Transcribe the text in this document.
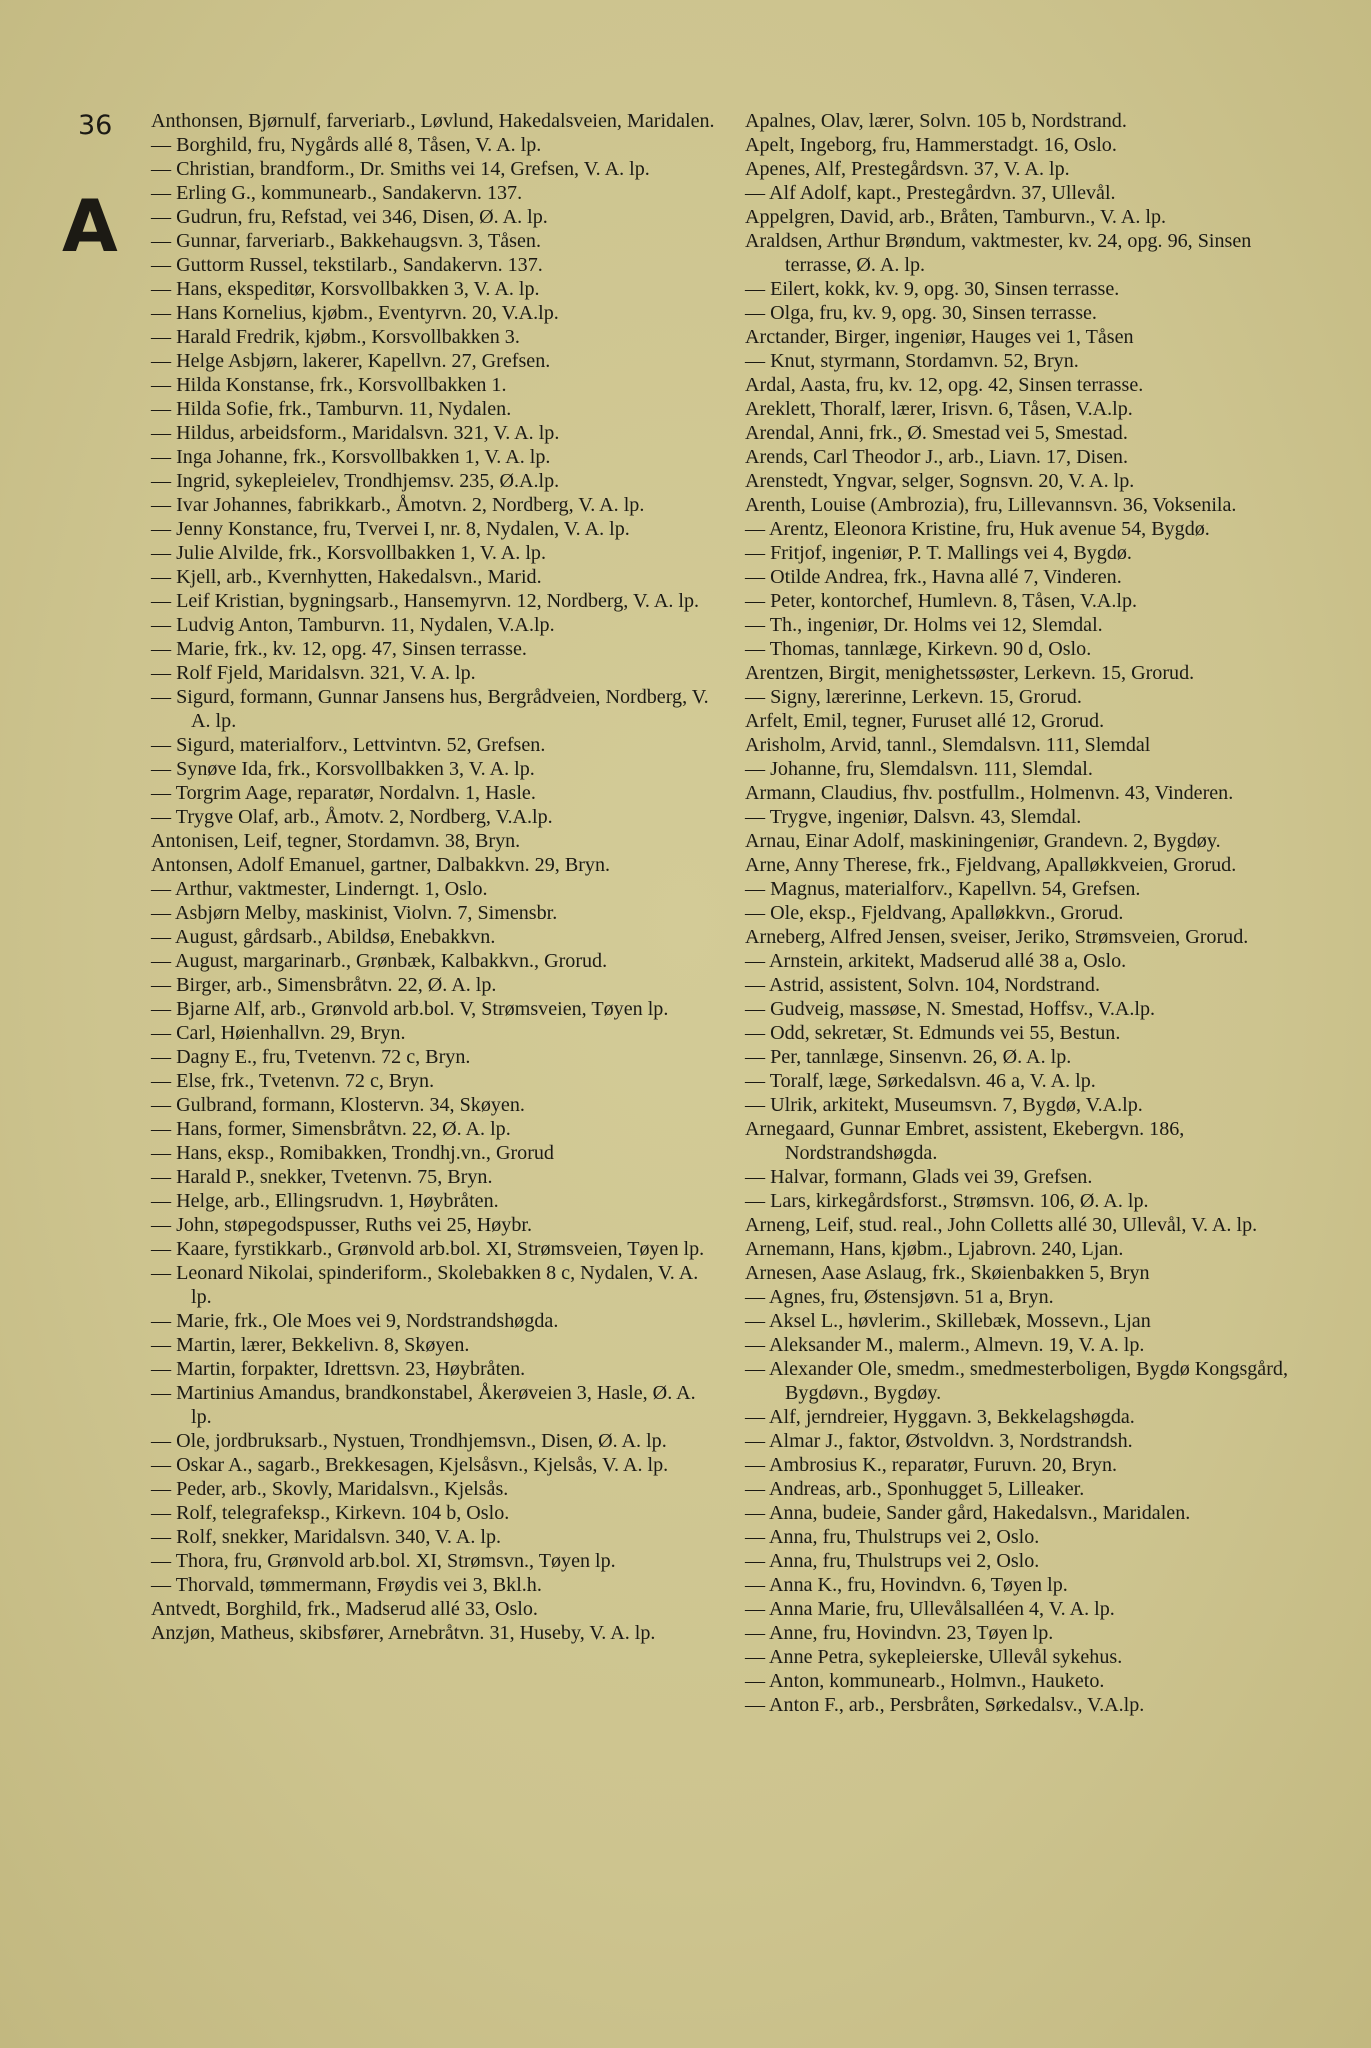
36
A
Anthonsen, Bjørnulf, farveriarb., Løvlund, Hakedalsveien, Maridalen.
— Borghild, fru, Nygårds allé 8, Tåsen, V. A. lp.
— Christian, brandform., Dr. Smiths vei 14, Grefsen, V. A. lp.
— Erling G., kommunearb., Sandakervn. 137.
— Gudrun, fru, Refstad, vei 346, Disen, Ø. A. lp.
— Gunnar, farveriarb., Bakkehaugsvn. 3, Tåsen.
— Guttorm Russel, tekstilarb., Sandakervn. 137.
— Hans, ekspeditør, Korsvollbakken 3, V. A. lp.
— Hans Kornelius, kjøbm., Eventyrvn. 20, V.A.lp.
— Harald Fredrik, kjøbm., Korsvollbakken 3.
— Helge Asbjørn, lakerer, Kapellvn. 27, Grefsen.
— Hilda Konstanse, frk., Korsvollbakken 1.
— Hilda Sofie, frk., Tamburvn. 11, Nydalen.
— Hildus, arbeidsform., Maridalsvn. 321, V. A. lp.
— Inga Johanne, frk., Korsvollbakken 1, V. A. lp.
— Ingrid, sykepleielev, Trondhjemsv. 235, Ø.A.lp.
— Ivar Johannes, fabrikkarb., Åmotvn. 2, Nordberg, V. A. lp.
— Jenny Konstance, fru, Tvervei I, nr. 8, Nydalen, V. A. lp.
— Julie Alvilde, frk., Korsvollbakken 1, V. A. lp.
— Kjell, arb., Kvernhytten, Hakedalsvn., Marid.
— Leif Kristian, bygningsarb., Hansemyrvn. 12, Nordberg, V. A. lp.
— Ludvig Anton, Tamburvn. 11, Nydalen, V.A.lp.
— Marie, frk., kv. 12, opg. 47, Sinsen terrasse.
— Rolf Fjeld, Maridalsvn. 321, V. A. lp.
— Sigurd, formann, Gunnar Jansens hus, Bergrådveien, Nordberg, V. A. lp.
— Sigurd, materialforv., Lettvintvn. 52, Grefsen.
— Synøve Ida, frk., Korsvollbakken 3, V. A. lp.
— Torgrim Aage, reparatør, Nordalvn. 1, Hasle.
— Trygve Olaf, arb., Åmotv. 2, Nordberg, V.A.lp.
Antonisen, Leif, tegner, Stordamvn. 38, Bryn.
Antonsen, Adolf Emanuel, gartner, Dalbakkvn. 29, Bryn.
— Arthur, vaktmester, Linderngt. 1, Oslo.
— Asbjørn Melby, maskinist, Violvn. 7, Simensbr.
— August, gårdsarb., Abildsø, Enebakkvn.
— August, margarinarb., Grønbæk, Kalbakkvn., Grorud.
— Birger, arb., Simensbråtvn. 22, Ø. A. lp.
— Bjarne Alf, arb., Grønvold arb.bol. V, Strømsveien, Tøyen lp.
— Carl, Høienhallvn. 29, Bryn.
— Dagny E., fru, Tvetenvn. 72 c, Bryn.
— Else, frk., Tvetenvn. 72 c, Bryn.
— Gulbrand, formann, Klostervn. 34, Skøyen.
— Hans, former, Simensbråtvn. 22, Ø. A. lp.
— Hans, eksp., Romibakken, Trondhj.vn., Grorud
— Harald P., snekker, Tvetenvn. 75, Bryn.
— Helge, arb., Ellingsrudvn. 1, Høybråten.
— John, støpegodspusser, Ruths vei 25, Høybr.
— Kaare, fyrstikkarb., Grønvold arb.bol. XI, Strømsveien, Tøyen lp.
— Leonard Nikolai, spinderiform., Skolebakken 8 c, Nydalen, V. A. lp.
— Marie, frk., Ole Moes vei 9, Nordstrandshøgda.
— Martin, lærer, Bekkelivn. 8, Skøyen.
— Martin, forpakter, Idrettsvn. 23, Høybråten.
— Martinius Amandus, brandkonstabel, Åkerøveien 3, Hasle, Ø. A. lp.
— Ole, jordbruksarb., Nystuen, Trondhjemsvn., Disen, Ø. A. lp.
— Oskar A., sagarb., Brekkesagen, Kjelsåsvn., Kjelsås, V. A. lp.
— Peder, arb., Skovly, Maridalsvn., Kjelsås.
— Rolf, telegrafeksp., Kirkevn. 104 b, Oslo.
— Rolf, snekker, Maridalsvn. 340, V. A. lp.
— Thora, fru, Grønvold arb.bol. XI, Strømsvn., Tøyen lp.
— Thorvald, tømmermann, Frøydis vei 3, Bkl.h.
Antvedt, Borghild, frk., Madserud allé 33, Oslo.
Anzjøn, Matheus, skibsfører, Arnebråtvn. 31, Huseby, V. A. lp.
Apalnes, Olav, lærer, Solvn. 105 b, Nordstrand.
Apelt, Ingeborg, fru, Hammerstadgt. 16, Oslo.
Apenes, Alf, Prestegårdsvn. 37, V. A. lp.
— Alf Adolf, kapt., Prestegårdvn. 37, Ullevål.
Appelgren, David, arb., Bråten, Tamburvn., V. A. lp.
Araldsen, Arthur Brøndum, vaktmester, kv. 24, opg. 96, Sinsen terrasse, Ø. A. lp.
— Eilert, kokk, kv. 9, opg. 30, Sinsen terrasse.
— Olga, fru, kv. 9, opg. 30, Sinsen terrasse.
Arctander, Birger, ingeniør, Hauges vei 1, Tåsen
— Knut, styrmann, Stordamvn. 52, Bryn.
Ardal, Aasta, fru, kv. 12, opg. 42, Sinsen terrasse.
Areklett, Thoralf, lærer, Irisvn. 6, Tåsen, V.A.lp.
Arendal, Anni, frk., Ø. Smestad vei 5, Smestad.
Arends, Carl Theodor J., arb., Liavn. 17, Disen.
Arenstedt, Yngvar, selger, Sognsvn. 20, V. A. lp.
Arenth, Louise (Ambrozia), fru, Lillevannsvn. 36, Voksenila.
— Arentz, Eleonora Kristine, fru, Huk avenue 54, Bygdø.
— Fritjof, ingeniør, P. T. Mallings vei 4, Bygdø.
— Otilde Andrea, frk., Havna allé 7, Vinderen.
— Peter, kontorchef, Humlevn. 8, Tåsen, V.A.lp.
— Th., ingeniør, Dr. Holms vei 12, Slemdal.
— Thomas, tannlæge, Kirkevn. 90 d, Oslo.
Arentzen, Birgit, menighetssøster, Lerkevn. 15, Grorud.
— Signy, lærerinne, Lerkevn. 15, Grorud.
Arfelt, Emil, tegner, Furuset allé 12, Grorud.
Arisholm, Arvid, tannl., Slemdalsvn. 111, Slemdal
— Johanne, fru, Slemdalsvn. 111, Slemdal.
Armann, Claudius, fhv. postfullm., Holmenvn. 43, Vinderen.
— Trygve, ingeniør, Dalsvn. 43, Slemdal.
Arnau, Einar Adolf, maskiningeniør, Grandevn. 2, Bygdøy.
Arne, Anny Therese, frk., Fjeldvang, Apalløkkveien, Grorud.
— Magnus, materialforv., Kapellvn. 54, Grefsen.
— Ole, eksp., Fjeldvang, Apalløkkvn., Grorud.
Arneberg, Alfred Jensen, sveiser, Jeriko, Strømsveien, Grorud.
— Arnstein, arkitekt, Madserud allé 38 a, Oslo.
— Astrid, assistent, Solvn. 104, Nordstrand.
— Gudveig, massøse, N. Smestad, Hoffsv., V.A.lp.
— Odd, sekretær, St. Edmunds vei 55, Bestun.
— Per, tannlæge, Sinsenvn. 26, Ø. A. lp.
— Toralf, læge, Sørkedalsvn. 46 a, V. A. lp.
— Ulrik, arkitekt, Museumsvn. 7, Bygdø, V.A.lp.
Arnegaard, Gunnar Embret, assistent, Ekebergvn. 186, Nordstrandshøgda.
— Halvar, formann, Glads vei 39, Grefsen.
— Lars, kirkegårdsforst., Strømsvn. 106, Ø. A. lp.
Arneng, Leif, stud. real., John Colletts allé 30, Ullevål, V. A. lp.
Arnemann, Hans, kjøbm., Ljabrovn. 240, Ljan.
Arnesen, Aase Aslaug, frk., Skøienbakken 5, Bryn
— Agnes, fru, Østensjøvn. 51 a, Bryn.
— Aksel L., høvlerim., Skillebæk, Mossevn., Ljan
— Aleksander M., malerm., Almevn. 19, V. A. lp.
— Alexander Ole, smedm., smedmesterboligen, Bygdø Kongsgård, Bygdøvn., Bygdøy.
— Alf, jerndreier, Hyggavn. 3, Bekkelagshøgda.
— Almar J., faktor, Østvoldvn. 3, Nordstrandsh.
— Ambrosius K., reparatør, Furuvn. 20, Bryn.
— Andreas, arb., Sponhugget 5, Lilleaker.
— Anna, budeie, Sander gård, Hakedalsvn., Maridalen.
— Anna, fru, Thulstrups vei 2, Oslo.
— Anna, fru, Thulstrups vei 2, Oslo.
— Anna K., fru, Hovindvn. 6, Tøyen lp.
— Anna Marie, fru, Ullevålsalléen 4, V. A. lp.
— Anne, fru, Hovindvn. 23, Tøyen lp.
— Anne Petra, sykepleierske, Ullevål sykehus.
— Anton, kommunearb., Holmvn., Hauketo.
— Anton F., arb., Persbråten, Sørkedalsv., V.A.lp.
